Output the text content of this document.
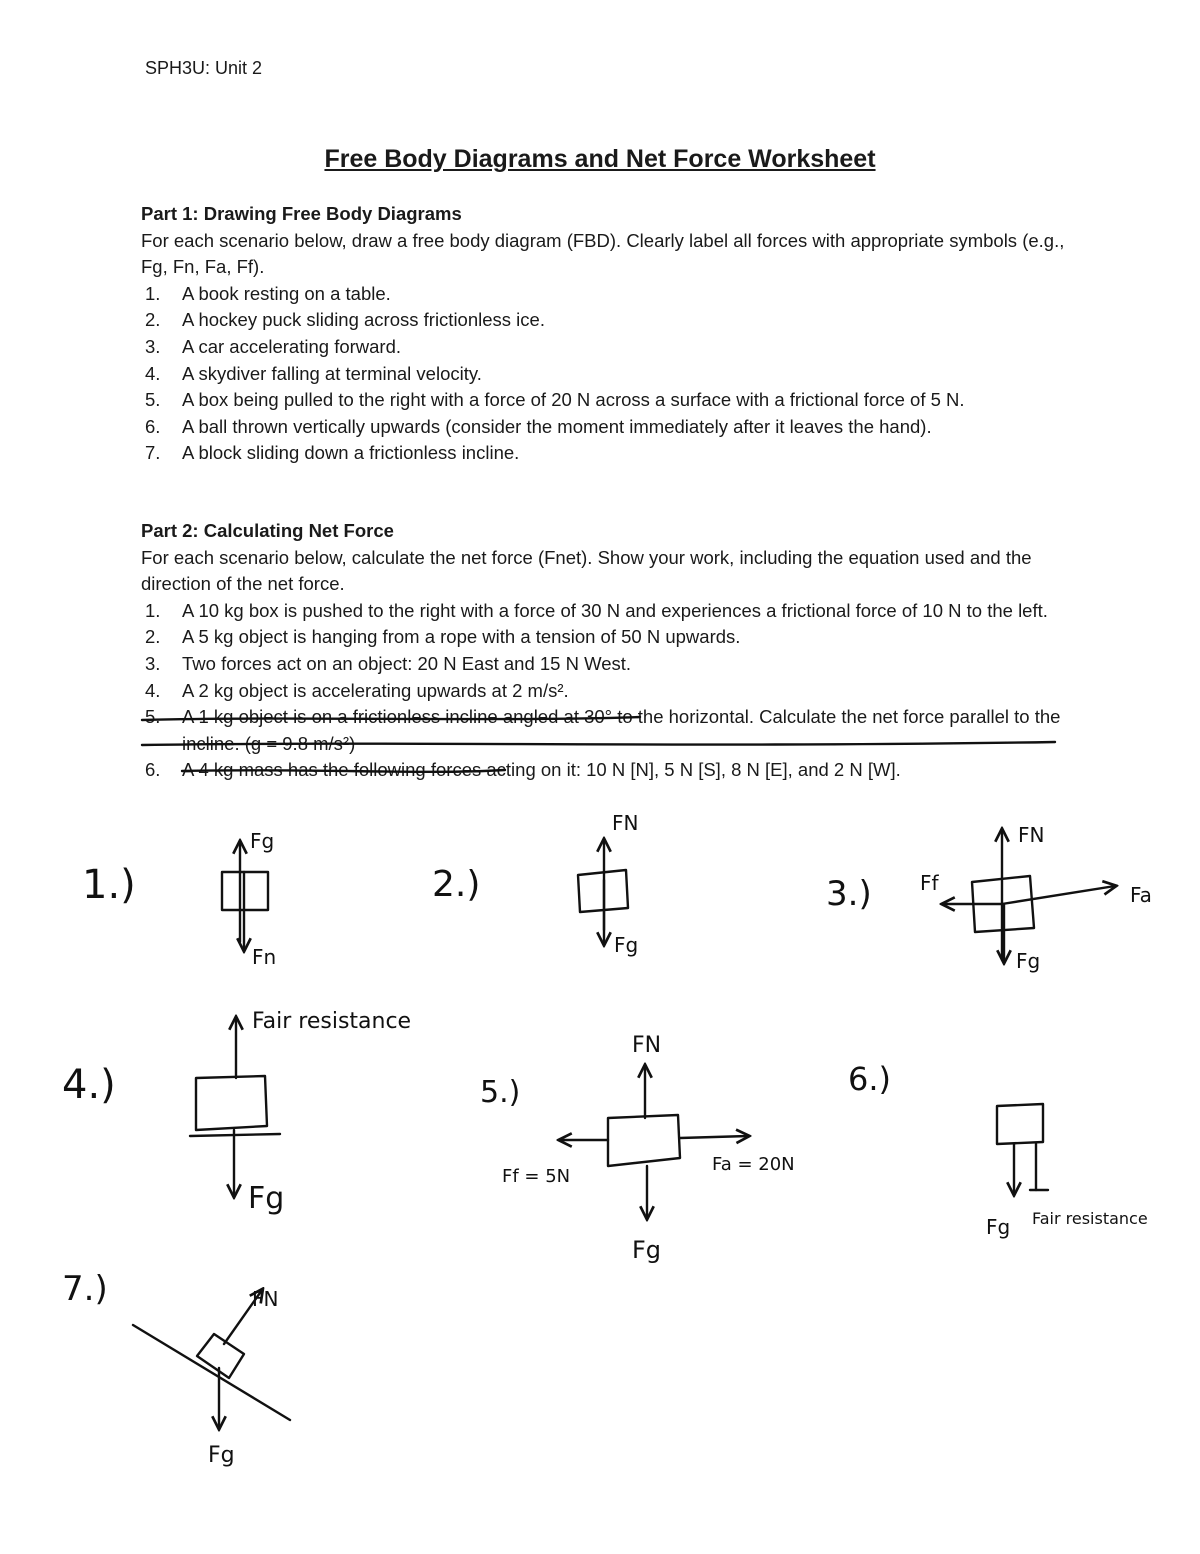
SPH3U: Unit 2
Free Body Diagrams and Net Force Worksheet
Part 1: Drawing Free Body Diagrams

For each scenario below, draw a free body diagram (FBD). Clearly label all forces with appropriate symbols (e.g., Fg, Fn, Fa, Ff).

1. A book resting on a table.
2. A hockey puck sliding across frictionless ice.
3. A car accelerating forward.
4. A skydiver falling at terminal velocity.
5. A box being pulled to the right with a force of 20 N across a surface with a frictional force of 5 N.
6. A ball thrown vertically upwards (consider the moment immediately after it leaves the hand).
7. A block sliding down a frictionless incline.
Part 2: Calculating Net Force

For each scenario below, calculate the net force (Fnet). Show your work, including the equation used and the direction of the net force.

1. A 10 kg box is pushed to the right with a force of 30 N and experiences a frictional force of 10 N to the left.
2. A 5 kg object is hanging from a rope with a tension of 50 N upwards.
3. Two forces act on an object: 20 N East and 15 N West.
4. A 2 kg object is accelerating upwards at 2 m/s².
5. A 1 kg object is on a frictionless incline angled at 30° to the horizontal. Calculate the net force parallel to the incline. (g = 9.8 m/s²)
6. A 4 kg mass has the following forces acting on it: 10 N [N], 5 N [S], 8 N [E], and 2 N [W].
1.)
Fg
Fn
2.)
FN
Fg
3.)
FN
Ff	Fa
Fg
4.)
Fair resistance
Fg
5.)
FN
Ff = 5N
Fa = 20N
Fg
6.)
Fg Fair resistance
7.)	FN
Fg
